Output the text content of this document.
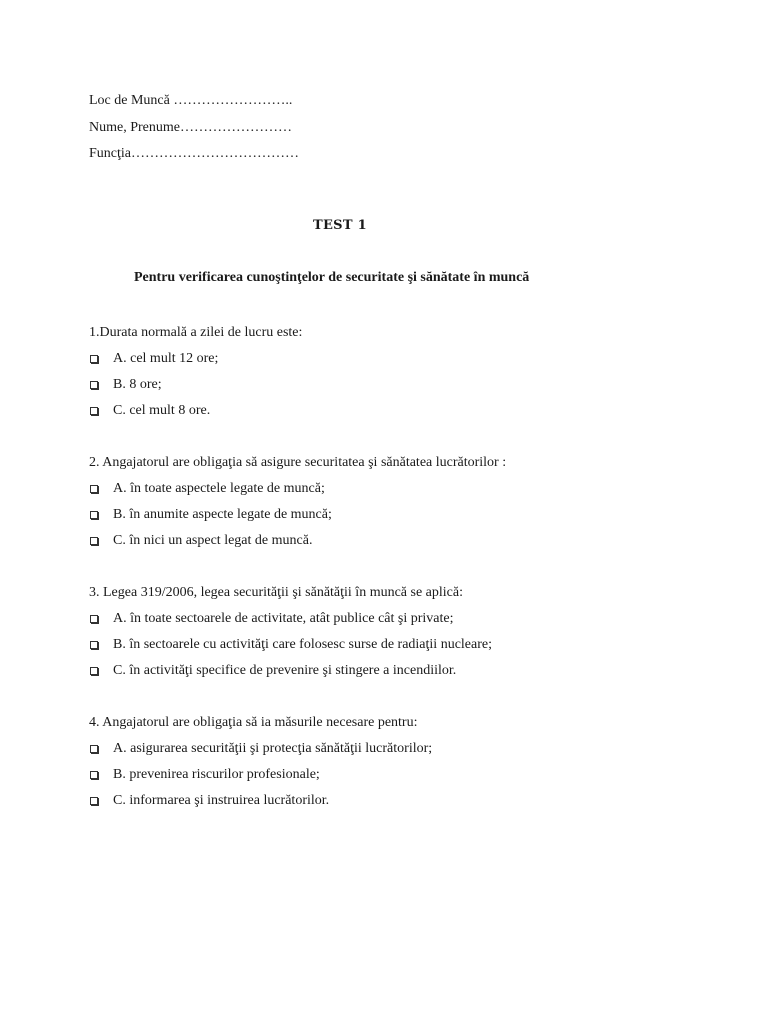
Loc de Muncă ……………………..
Nume, Prenume……………………
Funcţia………………………………
TEST 1
Pentru verificarea cunoştinţelor de securitate şi sănătate în muncă
1.Durata normală a zilei de lucru este:
A. cel mult 12 ore;
B. 8 ore;
C. cel mult 8 ore.
2. Angajatorul are obligaţia să asigure securitatea şi sănătatea lucrătorilor :
A. în toate aspectele legate de muncă;
B. în anumite aspecte legate de muncă;
C. în nici un aspect legat de muncă.
3. Legea 319/2006, legea securităţii şi sănătăţii în muncă se aplică:
A. în toate sectoarele de activitate, atât publice cât şi private;
B. în sectoarele cu activităţi care folosesc surse de radiaţii nucleare;
C. în activităţi specifice de prevenire şi stingere a incendiilor.
4. Angajatorul are obligaţia să ia măsurile necesare pentru:
A. asigurarea securităţii şi protecţia sănătăţii lucrătorilor;
B. prevenirea riscurilor profesionale;
C. informarea şi instruirea lucrătorilor.
